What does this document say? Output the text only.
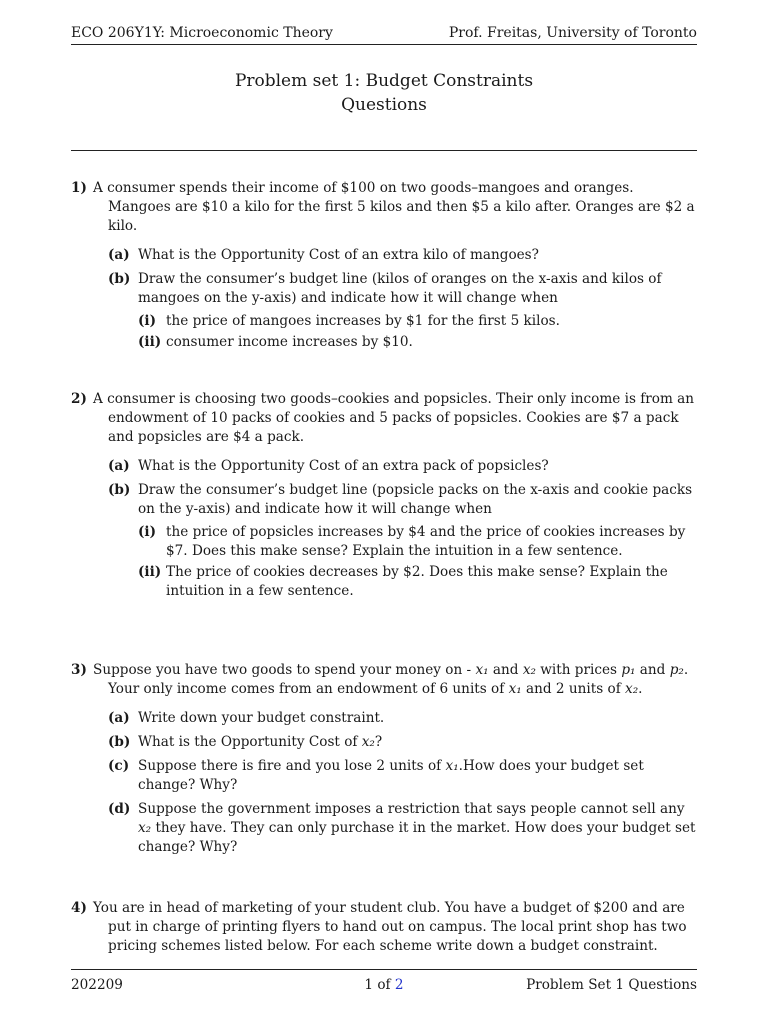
ECO 206Y1Y: Microeconomic Theory	Prof. Freitas, University of Toronto
Problem set 1: Budget Constraints
Questions
1) A consumer spends their income of $100 on two goods–mangoes and oranges. Mangoes are $10 a kilo for the first 5 kilos and then $5 a kilo after. Oranges are $2 a kilo.
(a) What is the Opportunity Cost of an extra kilo of mangoes?
(b) Draw the consumer’s budget line (kilos of oranges on the x-axis and kilos of mangoes on the y-axis) and indicate how it will change when
(i) the price of mangoes increases by $1 for the first 5 kilos.
(ii) consumer income increases by $10.
2) A consumer is choosing two goods–cookies and popsicles. Their only income is from an endowment of 10 packs of cookies and 5 packs of popsicles. Cookies are $7 a pack and popsicles are $4 a pack.
(a) What is the Opportunity Cost of an extra pack of popsicles?
(b) Draw the consumer’s budget line (popsicle packs on the x-axis and cookie packs on the y-axis) and indicate how it will change when
(i) the price of popsicles increases by $4 and the price of cookies increases by $7. Does this make sense? Explain the intuition in a few sentence.
(ii) The price of cookies decreases by $2. Does this make sense? Explain the intuition in a few sentence.
3) Suppose you have two goods to spend your money on - x₁ and x₂ with prices p₁ and p₂. Your only income comes from an endowment of 6 units of x₁ and 2 units of x₂.
(a) Write down your budget constraint.
(b) What is the Opportunity Cost of x₂?
(c) Suppose there is fire and you lose 2 units of x₁.How does your budget set change? Why?
(d) Suppose the government imposes a restriction that says people cannot sell any x₂ they have. They can only purchase it in the market. How does your budget set change? Why?
4) You are in head of marketing of your student club. You have a budget of $200 and are put in charge of printing flyers to hand out on campus. The local print shop has two pricing schemes listed below. For each scheme write down a budget constraint.
202209	1 of 2	Problem Set 1 Questions
